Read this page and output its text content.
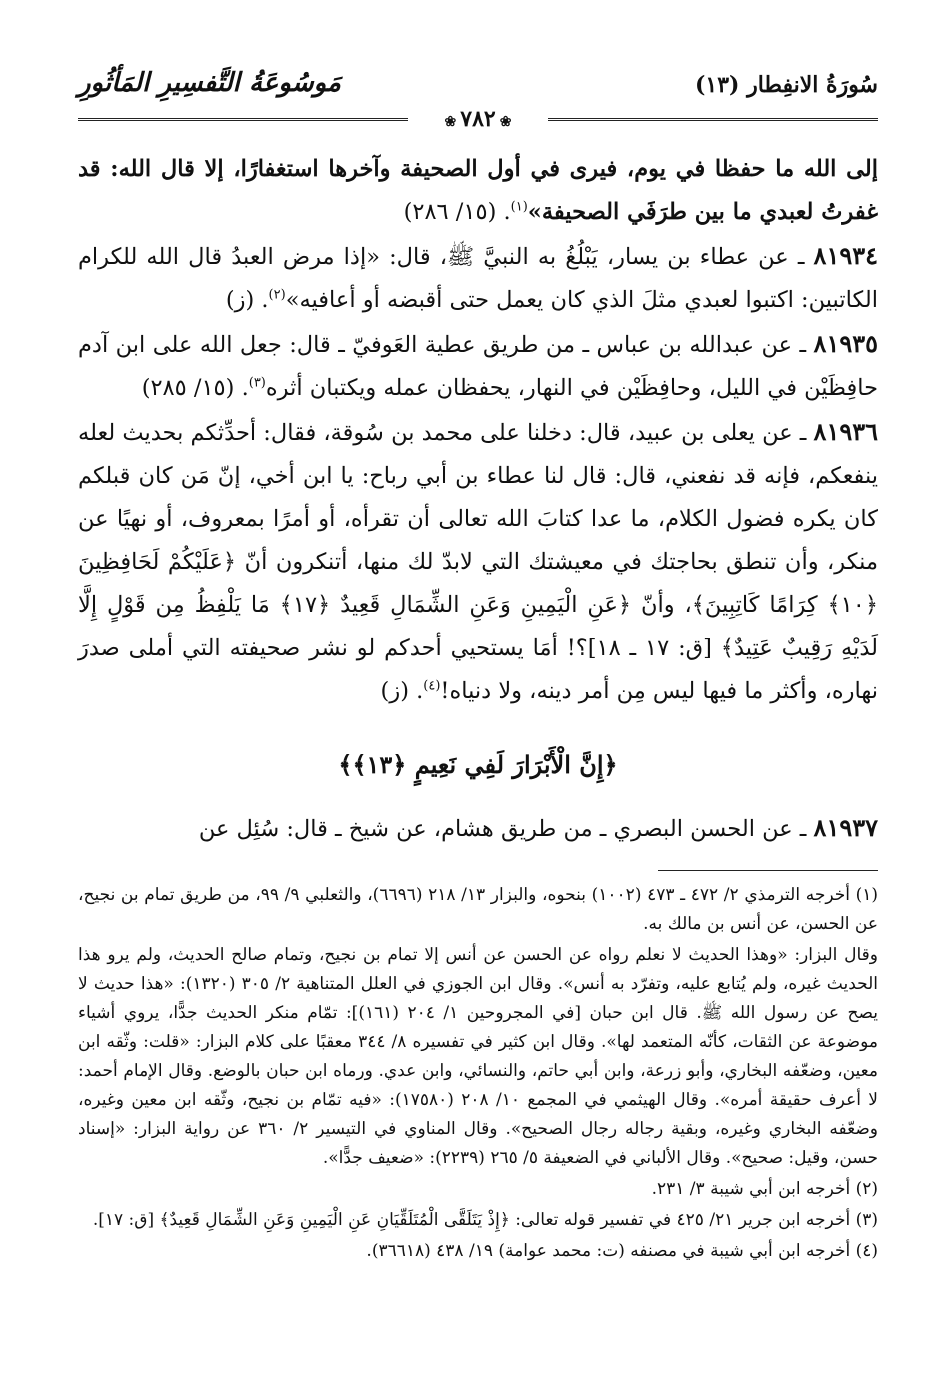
سُورَةُ الانفِطار (١٣)
مَوسُوعَةُ التَّفسِيرِ المَأثُورِ
❀٧٨٢❀

إلى الله ما حفظا في يوم، فيرى في أول الصحيفة وآخرها استغفارًا، إلا قال الله: قد غفرتُ لعبدي ما بين طرَفَي الصحيفة»$^{(١)}$. (١٥/ ٢٨٦)

٨١٩٣٤ ـ عن عطاء بن يسار، يَبْلُغُ به النبيَّ ﷺ، قال: «إذا مرض العبدُ قال الله للكرام الكاتبين: اكتبوا لعبدي مثلَ الذي كان يعمل حتى أقبضه أو أعافيه»$^{(٢)}$. (ز)

٨١٩٣٥ ـ عن عبدالله بن عباس ـ من طريق عطية العَوفيّ ـ قال: جعل الله على ابن آدم حافِظَيْن في الليل، وحافِظَيْن في النهار، يحفظان عمله ويكتبان أثره$^{(٣)}$. (١٥/ ٢٨٥)

٨١٩٣٦ ـ عن يعلى بن عبيد، قال: دخلنا على محمد بن سُوقة، فقال: أحدِّثكم بحديث لعله ينفعكم، فإنه قد نفعني، قال: قال لنا عطاء بن أبي رباح: يا ابن أخي، إنّ مَن كان قبلكم كان يكره فضول الكلام، ما عدا كتابَ الله تعالى أن تقرأه، أو أمرًا بمعروف، أو نهيًا عن منكر، وأن تنطق بحاجتك في معيشتك التي لابدّ لك منها، أتنكرون أنّ ﴿عَلَيْكُمْ لَحَافِظِينَ ﴿١٠﴾ كِرَامًا كَاتِبِينَ﴾، وأنّ ﴿عَنِ الْيَمِينِ وَعَنِ الشِّمَالِ قَعِيدٌ ﴿١٧﴾ مَا يَلْفِظُ مِن قَوْلٍ إِلَّا لَدَيْهِ رَقِيبٌ عَتِيدٌ﴾ [ق: ١٧ ـ ١٨]؟! أمَا يستحيي أحدكم لو نشر صحيفته التي أملى صدرَ نهاره، وأكثر ما فيها ليس مِن أمر دينه، ولا دنياه!$^{(٤)}$. (ز)

﴿إِنَّ الْأَبْرَارَ لَفِي نَعِيمٍ ﴿١٣﴾﴾

٨١٩٣٧ ـ عن الحسن البصري ـ من طريق هشام، عن شيخ ـ قال: سُئِل عن

(١) أخرجه الترمذي ٢/ ٤٧٢ ـ ٤٧٣ (١٠٠٢) بنحوه، والبزار ١٣/ ٢١٨ (٦٦٩٦)، والثعلبي ٩/ ٩٩، من طريق تمام بن نجيح، عن الحسن، عن أنس بن مالك به.

وقال البزار: «وهذا الحديث لا نعلم رواه عن الحسن عن أنس إلا تمام بن نجيح، وتمام صالح الحديث، ولم يرو هذا الحديث غيره، ولم يُتابع عليه، وتفرّد به أنس». وقال ابن الجوزي في العلل المتناهية ٢/ ٣٠٥ (١٣٢٠): «هذا حديث لا يصح عن رسول الله ﷺ. قال ابن حبان [في المجروحين ١/ ٢٠٤ (١٦١)]: تمّام منكر الحديث جدًّا، يروي أشياء موضوعة عن الثقات، كأنّه المتعمد لها». وقال ابن كثير في تفسيره ٨/ ٣٤٤ معقبًا على كلام البزار: «قلت: وثّقه ابن معين، وضعّفه البخاري، وأبو زرعة، وابن أبي حاتم، والنسائي، وابن عدي. ورماه ابن حبان بالوضع. وقال الإمام أحمد: لا أعرف حقيقة أمره». وقال الهيثمي في المجمع ١٠/ ٢٠٨ (١٧٥٨٠): «فيه تمّام بن نجيح، وثّقه ابن معين وغيره، وضعّفه البخاري وغيره، وبقية رجاله رجال الصحيح». وقال المناوي في التيسير ٢/ ٣٦٠ عن رواية البزار: «إسناد حسن، وقيل: صحيح». وقال الألباني في الضعيفة ٥/ ٢٦٥ (٢٢٣٩): «ضعيف جدًّا».

(٢) أخرجه ابن أبي شيبة ٣/ ٢٣١.

(٣) أخرجه ابن جرير ٢١/ ٤٢٥ في تفسير قوله تعالى: ﴿إِذْ يَتَلَقَّى الْمُتَلَقِّيَانِ عَنِ الْيَمِينِ وَعَنِ الشِّمَالِ قَعِيدٌ﴾ [ق: ١٧].

(٤) أخرجه ابن أبي شيبة في مصنفه (ت: محمد عوامة) ١٩/ ٤٣٨ (٣٦٦١٨).
